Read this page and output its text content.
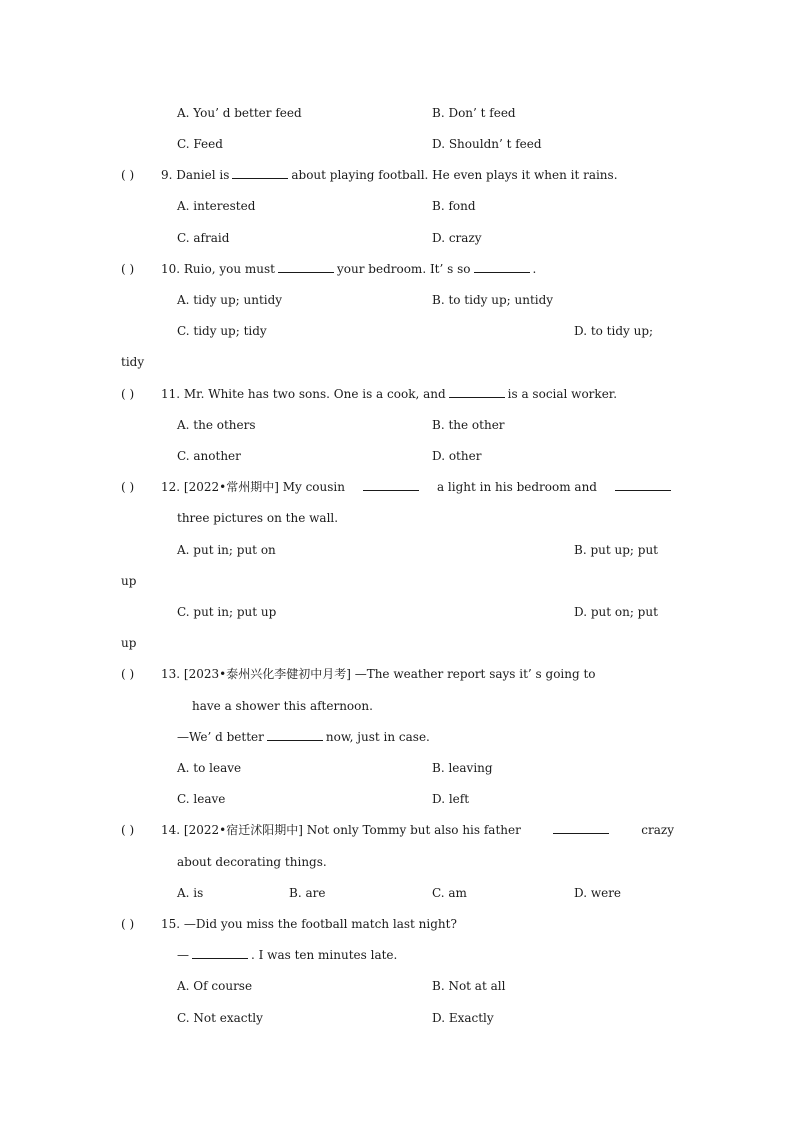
A. You’ d better feed	B. Don’ t feed
C. Feed	D. Shouldn’ t feed
( ) 9. Daniel is	about playing football. He even plays it when it rains.
A. interested	B. fond
C. afraid	D. crazy
( ) 10. Ruio, you must	your bedroom. It’ s so	.
A. tidy up; untidy	B. to tidy up; untidy
C. tidy up; tidy	D. to tidy up;
tidy
( ) 11. Mr. White has two sons. One is a cook, and	is a social worker.
A. the others	B. the other
C. another	D. other
( ) 12. [2022•常州期中] My cousin	a light in his bedroom and
three pictures on the wall.
A. put in; put on	B. put up; put
up
C. put in; put up	D. put on; put
up
( ) 13. [2023•泰州兴化李健初中月考] —The weather report says it’ s going to
have a shower this afternoon.
—We’ d better	now, just in case.
A. to leave	B. leaving
C. leave	D. left
( ) 14. [2022•宿迁沭阳期中] Not only Tommy but also his father	crazy
about decorating things.
A. is	B. are	C. am	D. were
( ) 15. —Did you miss the football match last night?
—	. I was ten minutes late.
A. Of course	B. Not at all
C. Not exactly	D. Exactly
